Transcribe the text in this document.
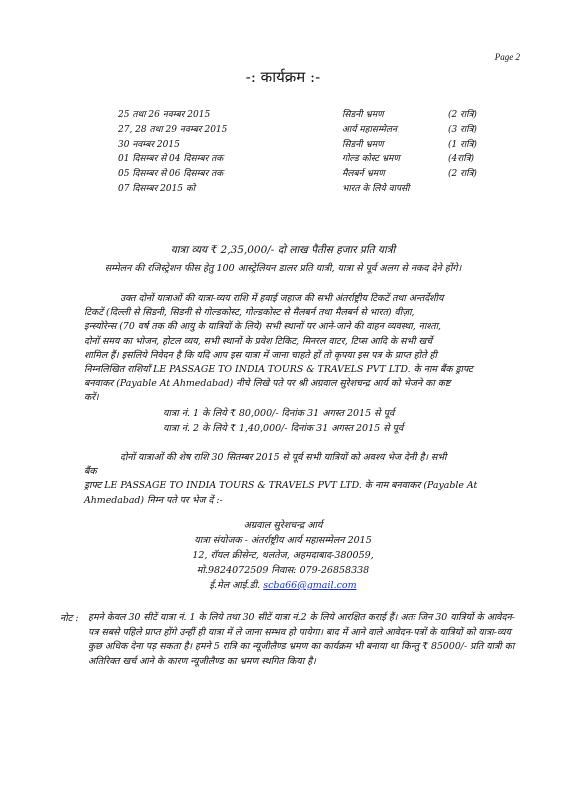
Page 2
-: कार्यक्रम :-
25 तथा 26 नवम्बर 2015	सिडनी भ्रमण	(2 रात्रि)
27, 28 तथा 29 नवम्बर 2015	आर्य महासम्मेलन	(3 रात्रि)
30 नवम्बर 2015	सिडनी भ्रमण	(1 रात्रि)
01 दिसम्बर से 04 दिसम्बर तक	गोल्ड कोस्ट भ्रमण	(4रात्रि)
05 दिसम्बर से 06 दिसम्बर तक	मैलबर्न भ्रमण	(2 रात्रि)
07 दिसम्बर 2015 को	भारत के लिये वापसी
यात्रा व्यय ₹ 2,35,000/- दो लाख पैतीस हजार प्रति यात्री
सम्मेलन की रजिस्ट्रेशन फीस हेतु 100 आस्ट्रेलियन डालर प्रति यात्री, यात्रा से पूर्व अलग से नकद देने होंगे।
उक्त दोनों यात्राओं की यात्रा-व्यय राशि में हवाई जहाज की सभी अंतर्राष्ट्रीय टिकटें तथा अन्तर्देशीय
टिकटें (दिल्ली से सिडनी, सिडनी से गोल्डकोस्ट, गोल्डकोस्ट से मैलबर्न तथा मैलबर्न से भारत) वीज़ा,
इन्स्योरेन्स (70 वर्ष तक की आयु के यात्रियों के लिये) सभी स्थानों पर आने-जाने की वाहन व्यवस्था, नाश्ता,
दोनों समय का भोजन, होटल व्यय, सभी स्थानों के प्रवेश टिकिट, मिनरल वाटर, टिप्स आदि के सभी खर्चे
शामिल हैं। इसलिये निवेदन है कि यदि आप इस यात्रा में जाना चाहते हों तो कृपया इस पत्र के प्राप्त होते ही
निम्नलिखित राशियाँ LE PASSAGE TO INDIA TOURS & TRAVELS PVT LTD. के नाम बैंक ड्राफ्ट
बनवाकर (Payable At Ahmedabad) नीचे लिखे पते पर श्री अग्रवाल सुरेशचन्द्र आर्य को भेजने का कष्ट
करें।
यात्रा नं. 1 के लिये ₹ 80,000/- दिनांक 31 अगस्त 2015 से पूर्व
यात्रा नं. 2 के लिये ₹ 1,40,000/- दिनांक 31 अगस्त 2015 से पूर्व
दोनों यात्राओं की शेष राशि 30 सितम्बर 2015 से पूर्व सभी यात्रियों को अवश्य भेज देनी है। सभी
बैंक
ड्राफ्ट LE PASSAGE TO INDIA TOURS & TRAVELS PVT LTD. के नाम बनवाकर (Payable At
Ahmedabad) निम्न पते पर भेज दें :-
अग्रवाल सुरेशचन्द्र आर्य
यात्रा संयोजक - अंतर्राष्ट्रीय आर्य महासम्मेलन 2015
12, रॉयल क्रीसेन्ट, थलतेज, अहमदाबाद-380059,
मो.9824072509 निवास: 079-26858338
ई.मेल आई.डी. scba66@gmail.com
नोट : हमने केवल 30 सीटें यात्रा नं. 1 के लिये तथा 30 सीटें यात्रा नं.2 के लिये आरक्षित कराई हैं। अतः जिन 30 यात्रियों के आवेदन-पत्र सबसे पहिले प्राप्त होंगे उन्हीं ही यात्रा में ले जाना सम्भव हो पायेगा। बाद में आने वाले आवेदन-पत्रों के यात्रियों को यात्रा-व्यय कुछ अधिक देना पड़ सकता है। हमने 5 रात्रि का न्यूजीलैण्ड भ्रमण का कार्यक्रम भी बनाया था किन्तु ₹ 85000/- प्रति यात्री का अतिरिक्त खर्च आने के कारण न्यूजीलैण्ड का भ्रमण स्थगित किया है।
